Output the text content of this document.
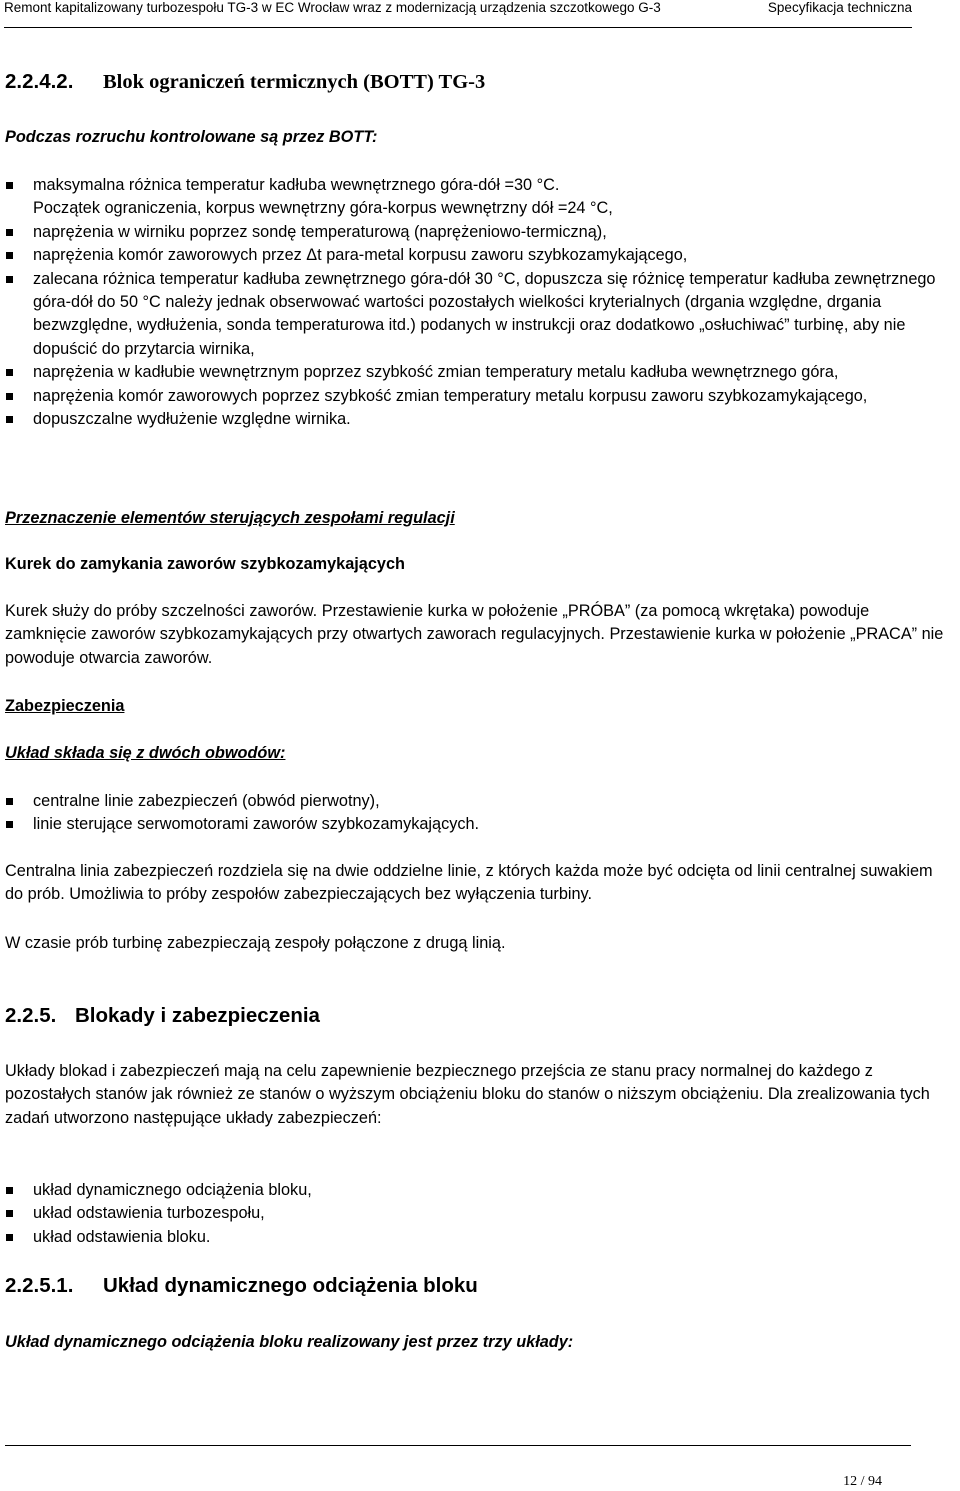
Remont kapitalizowany turbozespołu TG-3 w EC Wrocław wraz z modernizacją urządzenia szczotkowego G-3	Specyfikacja techniczna
2.2.4.2. Blok ograniczeń termicznych (BOTT) TG-3

Podczas rozruchu kontrolowane są przez BOTT:

maksymalna różnica temperatur kadłuba wewnętrznego góra-dół =30 °C.
Początek ograniczenia, korpus wewnętrzny góra-korpus wewnętrzny dół =24 °C,
naprężenia w wirniku poprzez sondę temperaturową (naprężeniowo-termiczną),
naprężenia komór zaworowych przez Δt para-metal korpusu zaworu szybkozamykającego,
zalecana różnica temperatur kadłuba zewnętrznego góra-dół 30 °C, dopuszcza się różnicę temperatur kadłuba zewnętrznego góra-dół do 50 °C należy jednak obserwować wartości pozostałych wielkości kryterialnych (drgania względne, drgania bezwzględne, wydłużenia, sonda temperaturowa itd.) podanych w instrukcji oraz dodatkowo „osłuchiwać” turbinę, aby nie dopuścić do przytarcia wirnika,
naprężenia w kadłubie wewnętrznym poprzez szybkość zmian temperatury metalu kadłuba wewnętrznego góra,
naprężenia komór zaworowych poprzez szybkość zmian temperatury metalu korpusu zaworu szybkozamykającego,
dopuszczalne wydłużenie względne wirnika.

Przeznaczenie elementów sterujących zespołami regulacji

Kurek do zamykania zaworów szybkozamykających

Kurek służy do próby szczelności zaworów. Przestawienie kurka w położenie „PRÓBA” (za pomocą wkrętaka) powoduje zamknięcie zaworów szybkozamykających przy otwartych zaworach regulacyjnych. Przestawienie kurka w położenie „PRACA” nie powoduje otwarcia zaworów.

Zabezpieczenia

Układ składa się z dwóch obwodów:

centralne linie zabezpieczeń (obwód pierwotny),
linie sterujące serwomotorami zaworów szybkozamykających.

Centralna linia zabezpieczeń rozdziela się na dwie oddzielne linie, z których każda może być odcięta od linii centralnej suwakiem do prób. Umożliwia to próby zespołów zabezpieczających bez wyłączenia turbiny.

W czasie prób turbinę zabezpieczają zespoły połączone z drugą linią.

2.2.5. Blokady i zabezpieczenia

Układy blokad i zabezpieczeń mają na celu zapewnienie bezpiecznego przejścia ze stanu pracy normalnej do każdego z pozostałych stanów jak również ze stanów o wyższym obciążeniu bloku do stanów o niższym obciążeniu. Dla zrealizowania tych zadań utworzono następujące układy zabezpieczeń:

układ dynamicznego odciążenia bloku,
układ odstawienia turbozespołu,
układ odstawienia bloku.
2.2.5.1. Układ dynamicznego odciążenia bloku

Układ dynamicznego odciążenia bloku realizowany jest przez trzy układy:

12 / 94
